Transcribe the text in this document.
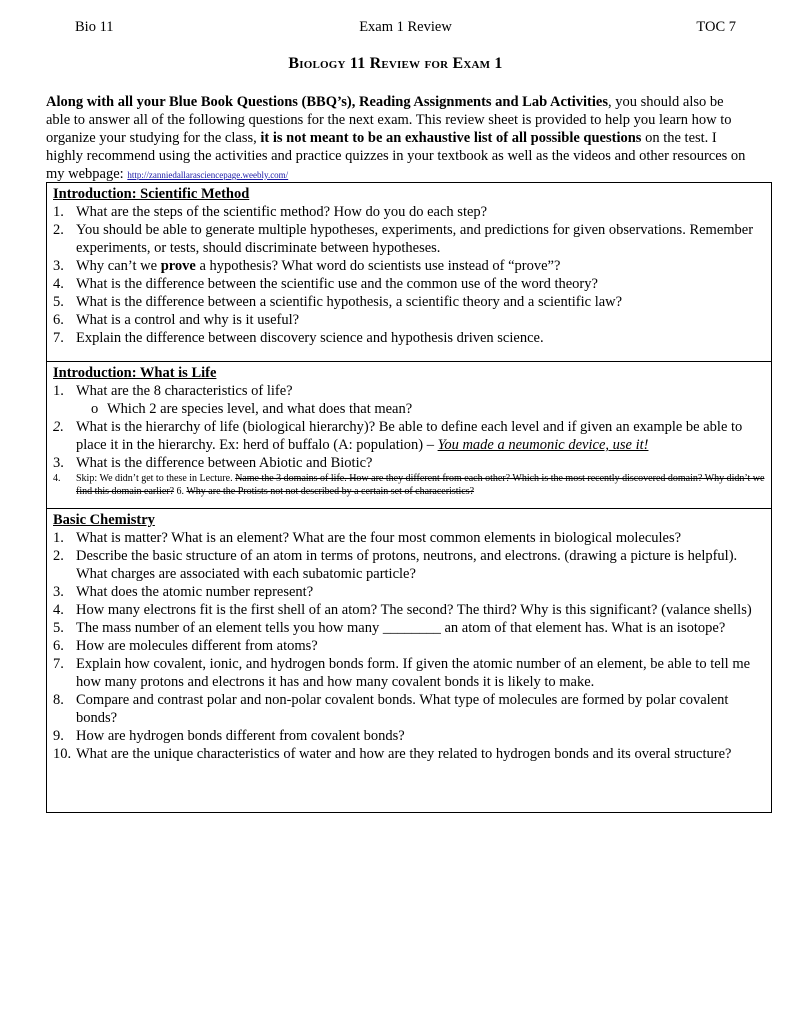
Bio 11	Exam 1 Review	TOC 7
Biology 11 Review for Exam 1
Along with all your Blue Book Questions (BBQ’s), Reading Assignments and Lab Activities, you should also be able to answer all of the following questions for the next exam. This review sheet is provided to help you learn how to organize your studying for the class, it is not meant to be an exhaustive list of all possible questions on the test. I highly recommend using the activities and practice quizzes in your textbook as well as the videos and other resources on my webpage: http://zanniedallarasciencepage.weebly.com/
Introduction: Scientific Method
1. What are the steps of the scientific method? How do you do each step?
2. You should be able to generate multiple hypotheses, experiments, and predictions for given observations. Remember experiments, or tests, should discriminate between hypotheses.
3. Why can’t we prove a hypothesis? What word do scientists use instead of “prove”?
4. What is the difference between the scientific use and the common use of the word theory?
5. What is the difference between a scientific hypothesis, a scientific theory and a scientific law?
6. What is a control and why is it useful?
7. Explain the difference between discovery science and hypothesis driven science.
Introduction: What is Life
1. What are the 8 characteristics of life?
o Which 2 are species level, and what does that mean?
2. What is the hierarchy of life (biological hierarchy)? Be able to define each level and if given an example be able to place it in the hierarchy. Ex: herd of buffalo (A: population) – You made a neumonic device, use it!
3. What is the difference between Abiotic and Biotic?
4. Skip: We didn’t get to these in Lecture. Name the 3 domains of life. How are they different from each other? Which is the most recently discovered domain? Why didn’t we find this domain earlier? 6. Why are the Protists not not described by a certain set of characeristics?
Basic Chemistry
1. What is matter? What is an element? What are the four most common elements in biological molecules?
2. Describe the basic structure of an atom in terms of protons, neutrons, and electrons. (drawing a picture is helpful). What charges are associated with each subatomic particle?
3. What does the atomic number represent?
4. How many electrons fit is the first shell of an atom? The second? The third? Why is this significant? (valance shells)
5. The mass number of an element tells you how many ________ an atom of that element has. What is an isotope?
6. How are molecules different from atoms?
7. Explain how covalent, ionic, and hydrogen bonds form. If given the atomic number of an element, be able to tell me how many protons and electrons it has and how many covalent bonds it is likely to make.
8. Compare and contrast polar and non-polar covalent bonds. What type of molecules are formed by polar covalent bonds?
9. How are hydrogen bonds different from covalent bonds?
10. What are the unique characteristics of water and how are they related to hydrogen bonds and its overal structure?
